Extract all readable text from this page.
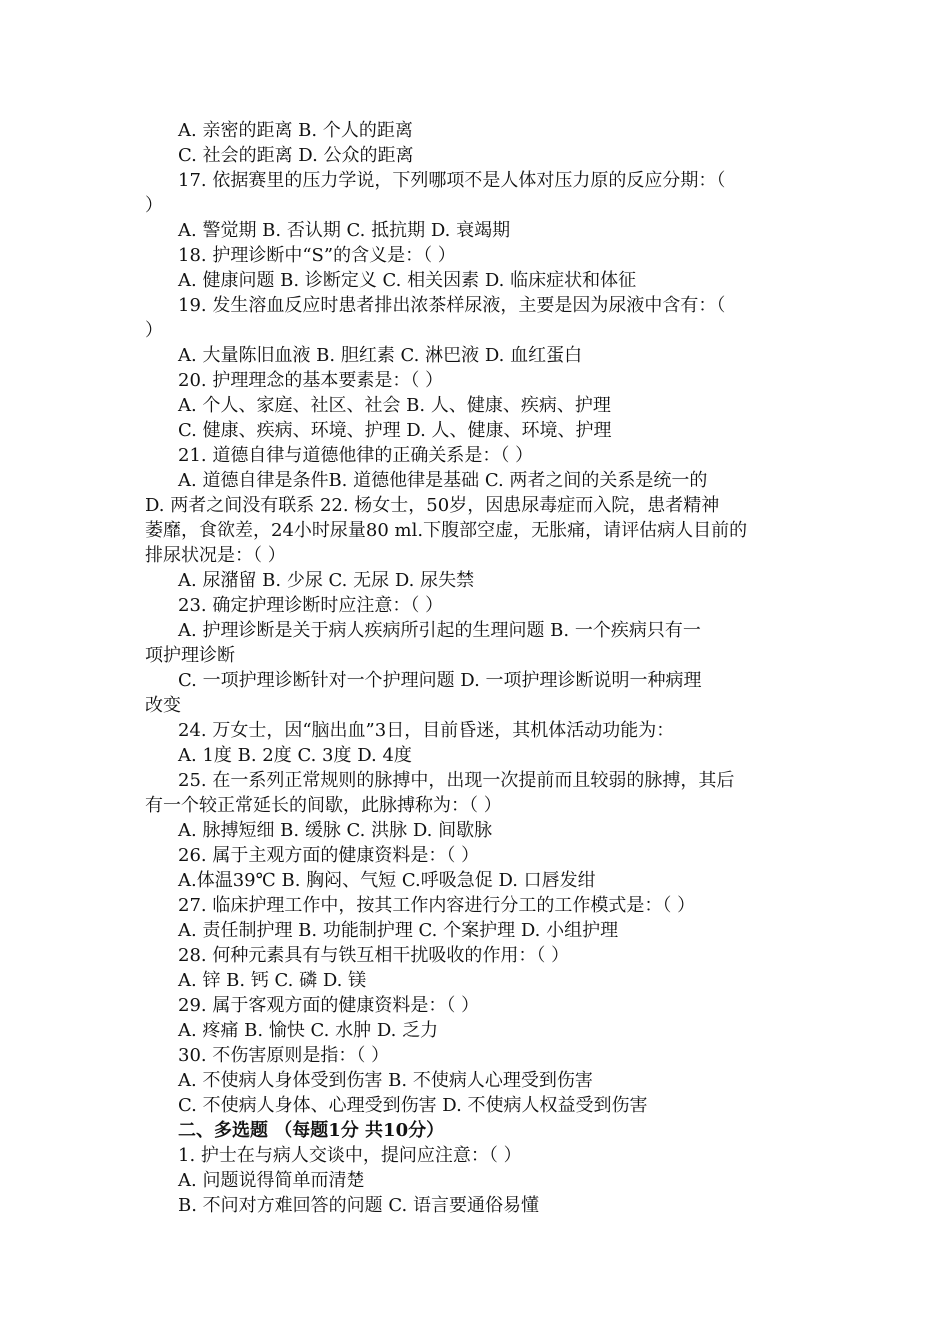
A. 亲密的距离 B. 个人的距离
C. 社会的距离 D. 公众的距离
17. 依据赛里的压力学说，下列哪项不是人体对压力原的反应分期：（
）
A. 警觉期 B. 否认期 C. 抵抗期 D. 衰竭期
18. 护理诊断中“S”的含义是：（ ）
A. 健康问题 B. 诊断定义 C. 相关因素 D. 临床症状和体征
19. 发生溶血反应时患者排出浓茶样尿液，主要是因为尿液中含有：（
）
A. 大量陈旧血液 B. 胆红素 C. 淋巴液 D. 血红蛋白
20. 护理理念的基本要素是：（ ）
A. 个人、家庭、社区、社会 B. 人、健康、疾病、护理
C. 健康、疾病、环境、护理 D. 人、健康、环境、护理
21. 道德自律与道德他律的正确关系是：（ ）
A. 道德自律是条件B. 道德他律是基础 C. 两者之间的关系是统一的
D. 两者之间没有联系 22. 杨女士，50岁，因患尿毒症而入院，患者精神
萎靡，食欲差，24小时尿量80 ml.下腹部空虚，无胀痛，请评估病人目前的
排尿状况是：（ ）
A. 尿潴留 B. 少尿 C. 无尿 D. 尿失禁
23. 确定护理诊断时应注意：（ ）
A. 护理诊断是关于病人疾病所引起的生理问题 B. 一个疾病只有一
项护理诊断
C. 一项护理诊断针对一个护理问题 D. 一项护理诊断说明一种病理
改变
24. 万女士，因“脑出血”3日，目前昏迷，其机体活动功能为：
A. 1度 B. 2度 C. 3度 D. 4度
25. 在一系列正常规则的脉搏中，出现一次提前而且较弱的脉搏，其后
有一个较正常延长的间歇，此脉搏称为：（ ）
A. 脉搏短细 B. 缓脉 C. 洪脉 D. 间歇脉
26. 属于主观方面的健康资料是：（ ）
A.体温39℃ B. 胸闷、气短 C.呼吸急促 D. 口唇发绀
27. 临床护理工作中，按其工作内容进行分工的工作模式是：（ ）
A. 责任制护理 B. 功能制护理 C. 个案护理 D. 小组护理
28. 何种元素具有与铁互相干扰吸收的作用：（ ）
A. 锌 B. 钙 C. 磷 D. 镁
29. 属于客观方面的健康资料是：（ ）
A. 疼痛 B. 愉快 C. 水肿 D. 乏力
30. 不伤害原则是指：（ ）
A. 不使病人身体受到伤害 B. 不使病人心理受到伤害
C. 不使病人身体、心理受到伤害 D. 不使病人权益受到伤害
二、多选题 （每题1分 共10分）
1. 护士在与病人交谈中，提问应注意：（ ）
A. 问题说得简单而清楚
B. 不问对方难回答的问题 C. 语言要通俗易懂
